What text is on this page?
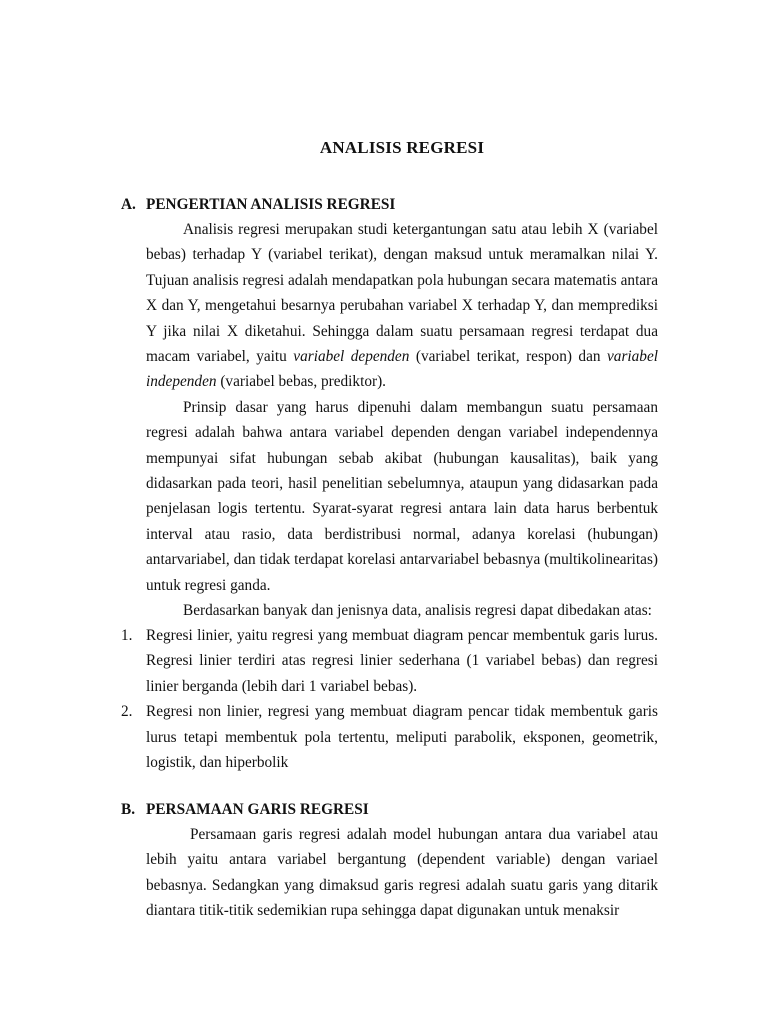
ANALISIS REGRESI
A. PENGERTIAN ANALISIS REGRESI

Analisis regresi merupakan studi ketergantungan satu atau lebih X (variabel bebas) terhadap Y (variabel terikat), dengan maksud untuk meramalkan nilai Y. Tujuan analisis regresi adalah mendapatkan pola hubungan secara matematis antara X dan Y, mengetahui besarnya perubahan variabel X terhadap Y, dan memprediksi Y jika nilai X diketahui. Sehingga dalam suatu persamaan regresi terdapat dua macam variabel, yaitu variabel dependen (variabel terikat, respon) dan variabel independen (variabel bebas, prediktor).

Prinsip dasar yang harus dipenuhi dalam membangun suatu persamaan regresi adalah bahwa antara variabel dependen dengan variabel independennya mempunyai sifat hubungan sebab akibat (hubungan kausalitas), baik yang didasarkan pada teori, hasil penelitian sebelumnya, ataupun yang didasarkan pada penjelasan logis tertentu. Syarat-syarat regresi antara lain data harus berbentuk interval atau rasio, data berdistribusi normal, adanya korelasi (hubungan) antarvariabel, dan tidak terdapat korelasi antarvariabel bebasnya (multikolinearitas) untuk regresi ganda.

Berdasarkan banyak dan jenisnya data, analisis regresi dapat dibedakan atas:

1. Regresi linier, yaitu regresi yang membuat diagram pencar membentuk garis lurus. Regresi linier terdiri atas regresi linier sederhana (1 variabel bebas) dan regresi linier berganda (lebih dari 1 variabel bebas).

2. Regresi non linier, regresi yang membuat diagram pencar tidak membentuk garis lurus tetapi membentuk pola tertentu, meliputi parabolik, eksponen, geometrik, logistik, dan hiperbolik

B. PERSAMAAN GARIS REGRESI

Persamaan garis regresi adalah model hubungan antara dua variabel atau lebih yaitu antara variabel bergantung (dependent variable) dengan variael bebasnya. Sedangkan yang dimaksud garis regresi adalah suatu garis yang ditarik diantara titik-titik sedemikian rupa sehingga dapat digunakan untuk menaksir
